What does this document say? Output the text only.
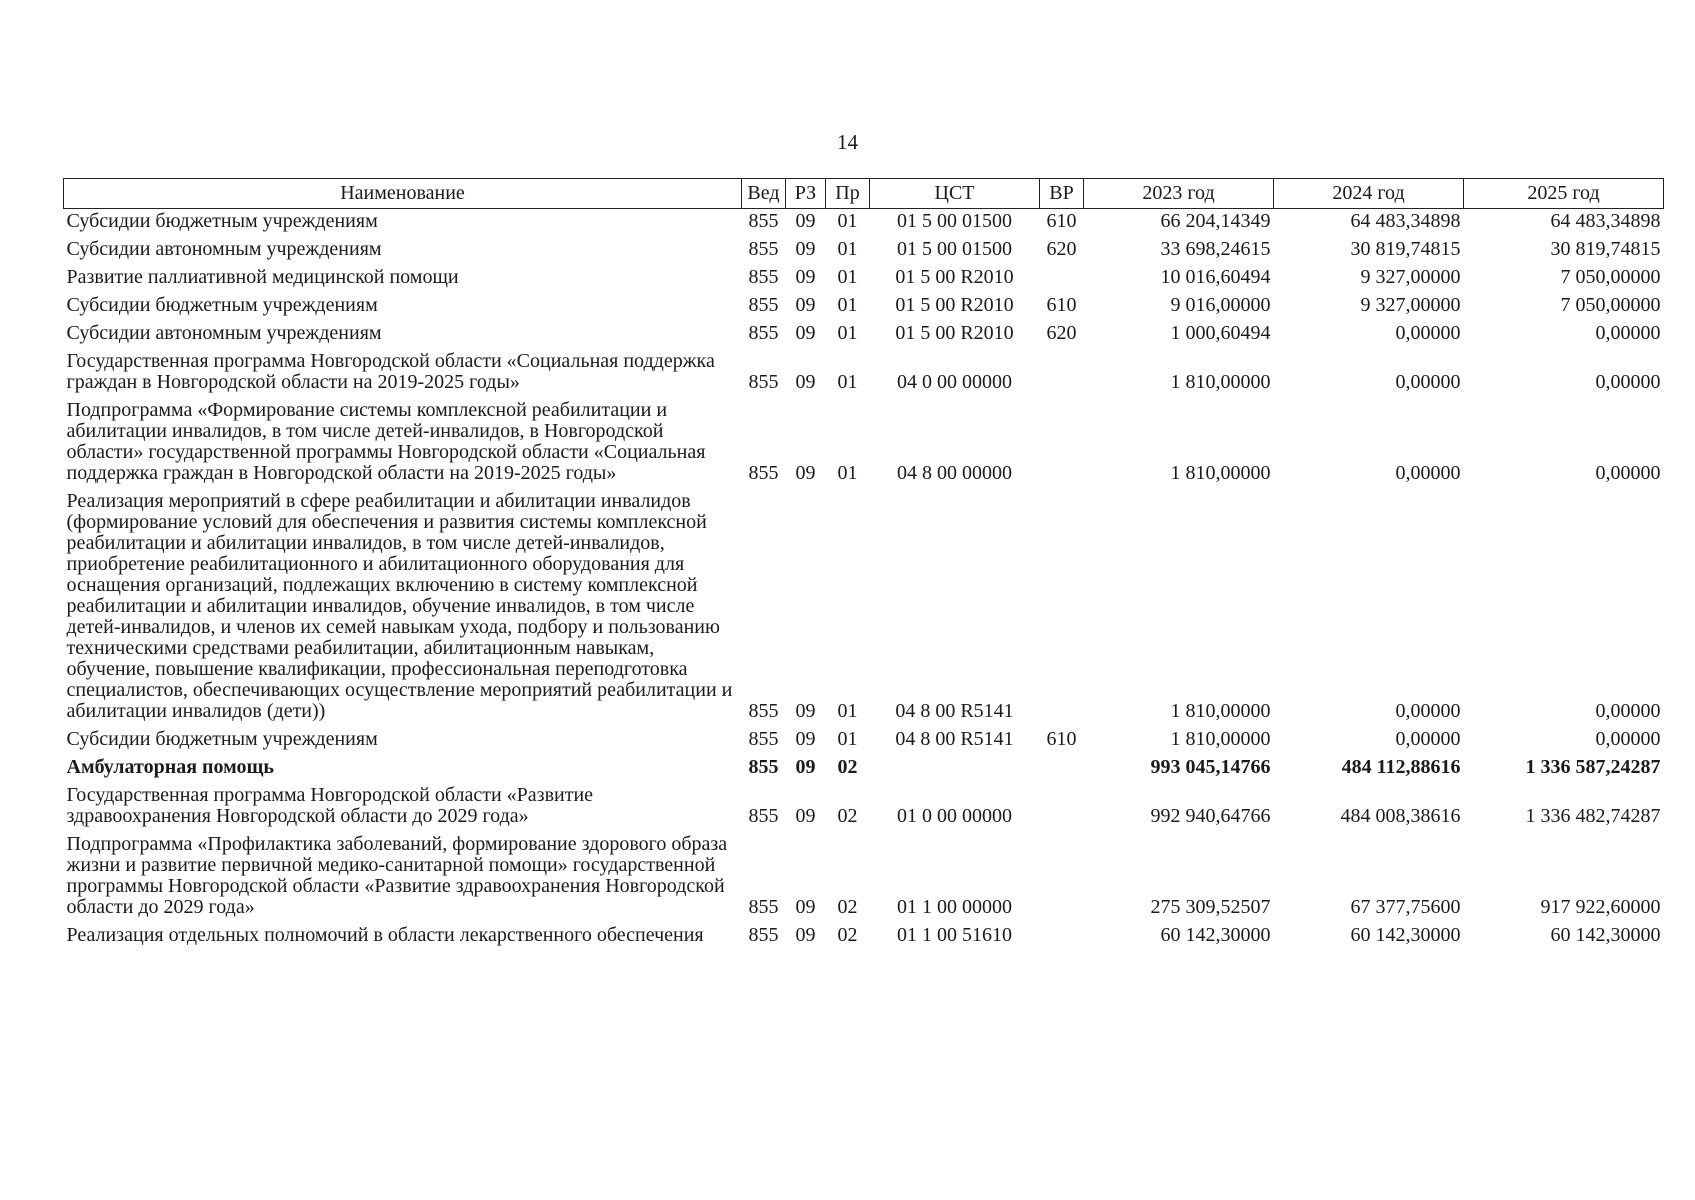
14
Наименование	Вед	РЗ	Пр	ЦСТ	ВР	2023 год	2024 год	2025 год
Субсидии бюджетным учреждениям	855	09	01	01 5 00 01500	610	66 204,14349	64 483,34898	64 483,34898
Субсидии автономным учреждениям	855	09	01	01 5 00 01500	620	33 698,24615	30 819,74815	30 819,74815
Развитие паллиативной медицинской помощи	855	09	01	01 5 00 R2010		10 016,60494	9 327,00000	7 050,00000
Субсидии бюджетным учреждениям	855	09	01	01 5 00 R2010	610	9 016,00000	9 327,00000	7 050,00000
Субсидии автономным учреждениям	855	09	01	01 5 00 R2010	620	1 000,60494	0,00000	0,00000
Государственная программа Новгородской области «Социальная поддержка граждан в Новгородской области на 2019-2025 годы»	855	09	01	04 0 00 00000		1 810,00000	0,00000	0,00000
Подпрограмма «Формирование системы комплексной реабилитации и абилитации инвалидов, в том числе детей-инвалидов, в Новгородской области» государственной программы Новгородской области «Социальная поддержка граждан в Новгородской области на 2019-2025 годы»	855	09	01	04 8 00 00000		1 810,00000	0,00000	0,00000
Реализация мероприятий в сфере реабилитации и абилитации инвалидов (формирование условий для обеспечения и развития системы комплексной реабилитации и абилитации инвалидов, в том числе детей-инвалидов, приобретение реабилитационного и абилитационного оборудования для оснащения организаций, подлежащих включению в систему комплексной реабилитации и абилитации инвалидов, обучение инвалидов, в том числе детей-инвалидов, и членов их семей навыкам ухода, подбору и пользованию техническими средствами реабилитации, абилитационным навыкам, обучение, повышение квалификации, профессиональная переподготовка специалистов, обеспечивающих осуществление мероприятий реабилитации и абилитации инвалидов (дети))	855	09	01	04 8 00 R5141		1 810,00000	0,00000	0,00000
Субсидии бюджетным учреждениям	855	09	01	04 8 00 R5141	610	1 810,00000	0,00000	0,00000
Амбулаторная помощь	855	09	02			993 045,14766	484 112,88616	1 336 587,24287
Государственная программа Новгородской области «Развитие здравоохранения Новгородской области до 2029 года»	855	09	02	01 0 00 00000		992 940,64766	484 008,38616	1 336 482,74287
Подпрограмма «Профилактика заболеваний, формирование здорового образа жизни и развитие первичной медико-санитарной помощи» государственной программы Новгородской области «Развитие здравоохранения Новгородской области до 2029 года»	855	09	02	01 1 00 00000		275 309,52507	67 377,75600	917 922,60000
Реализация отдельных полномочий в области лекарственного обеспечения	855	09	02	01 1 00 51610		60 142,30000	60 142,30000	60 142,30000
